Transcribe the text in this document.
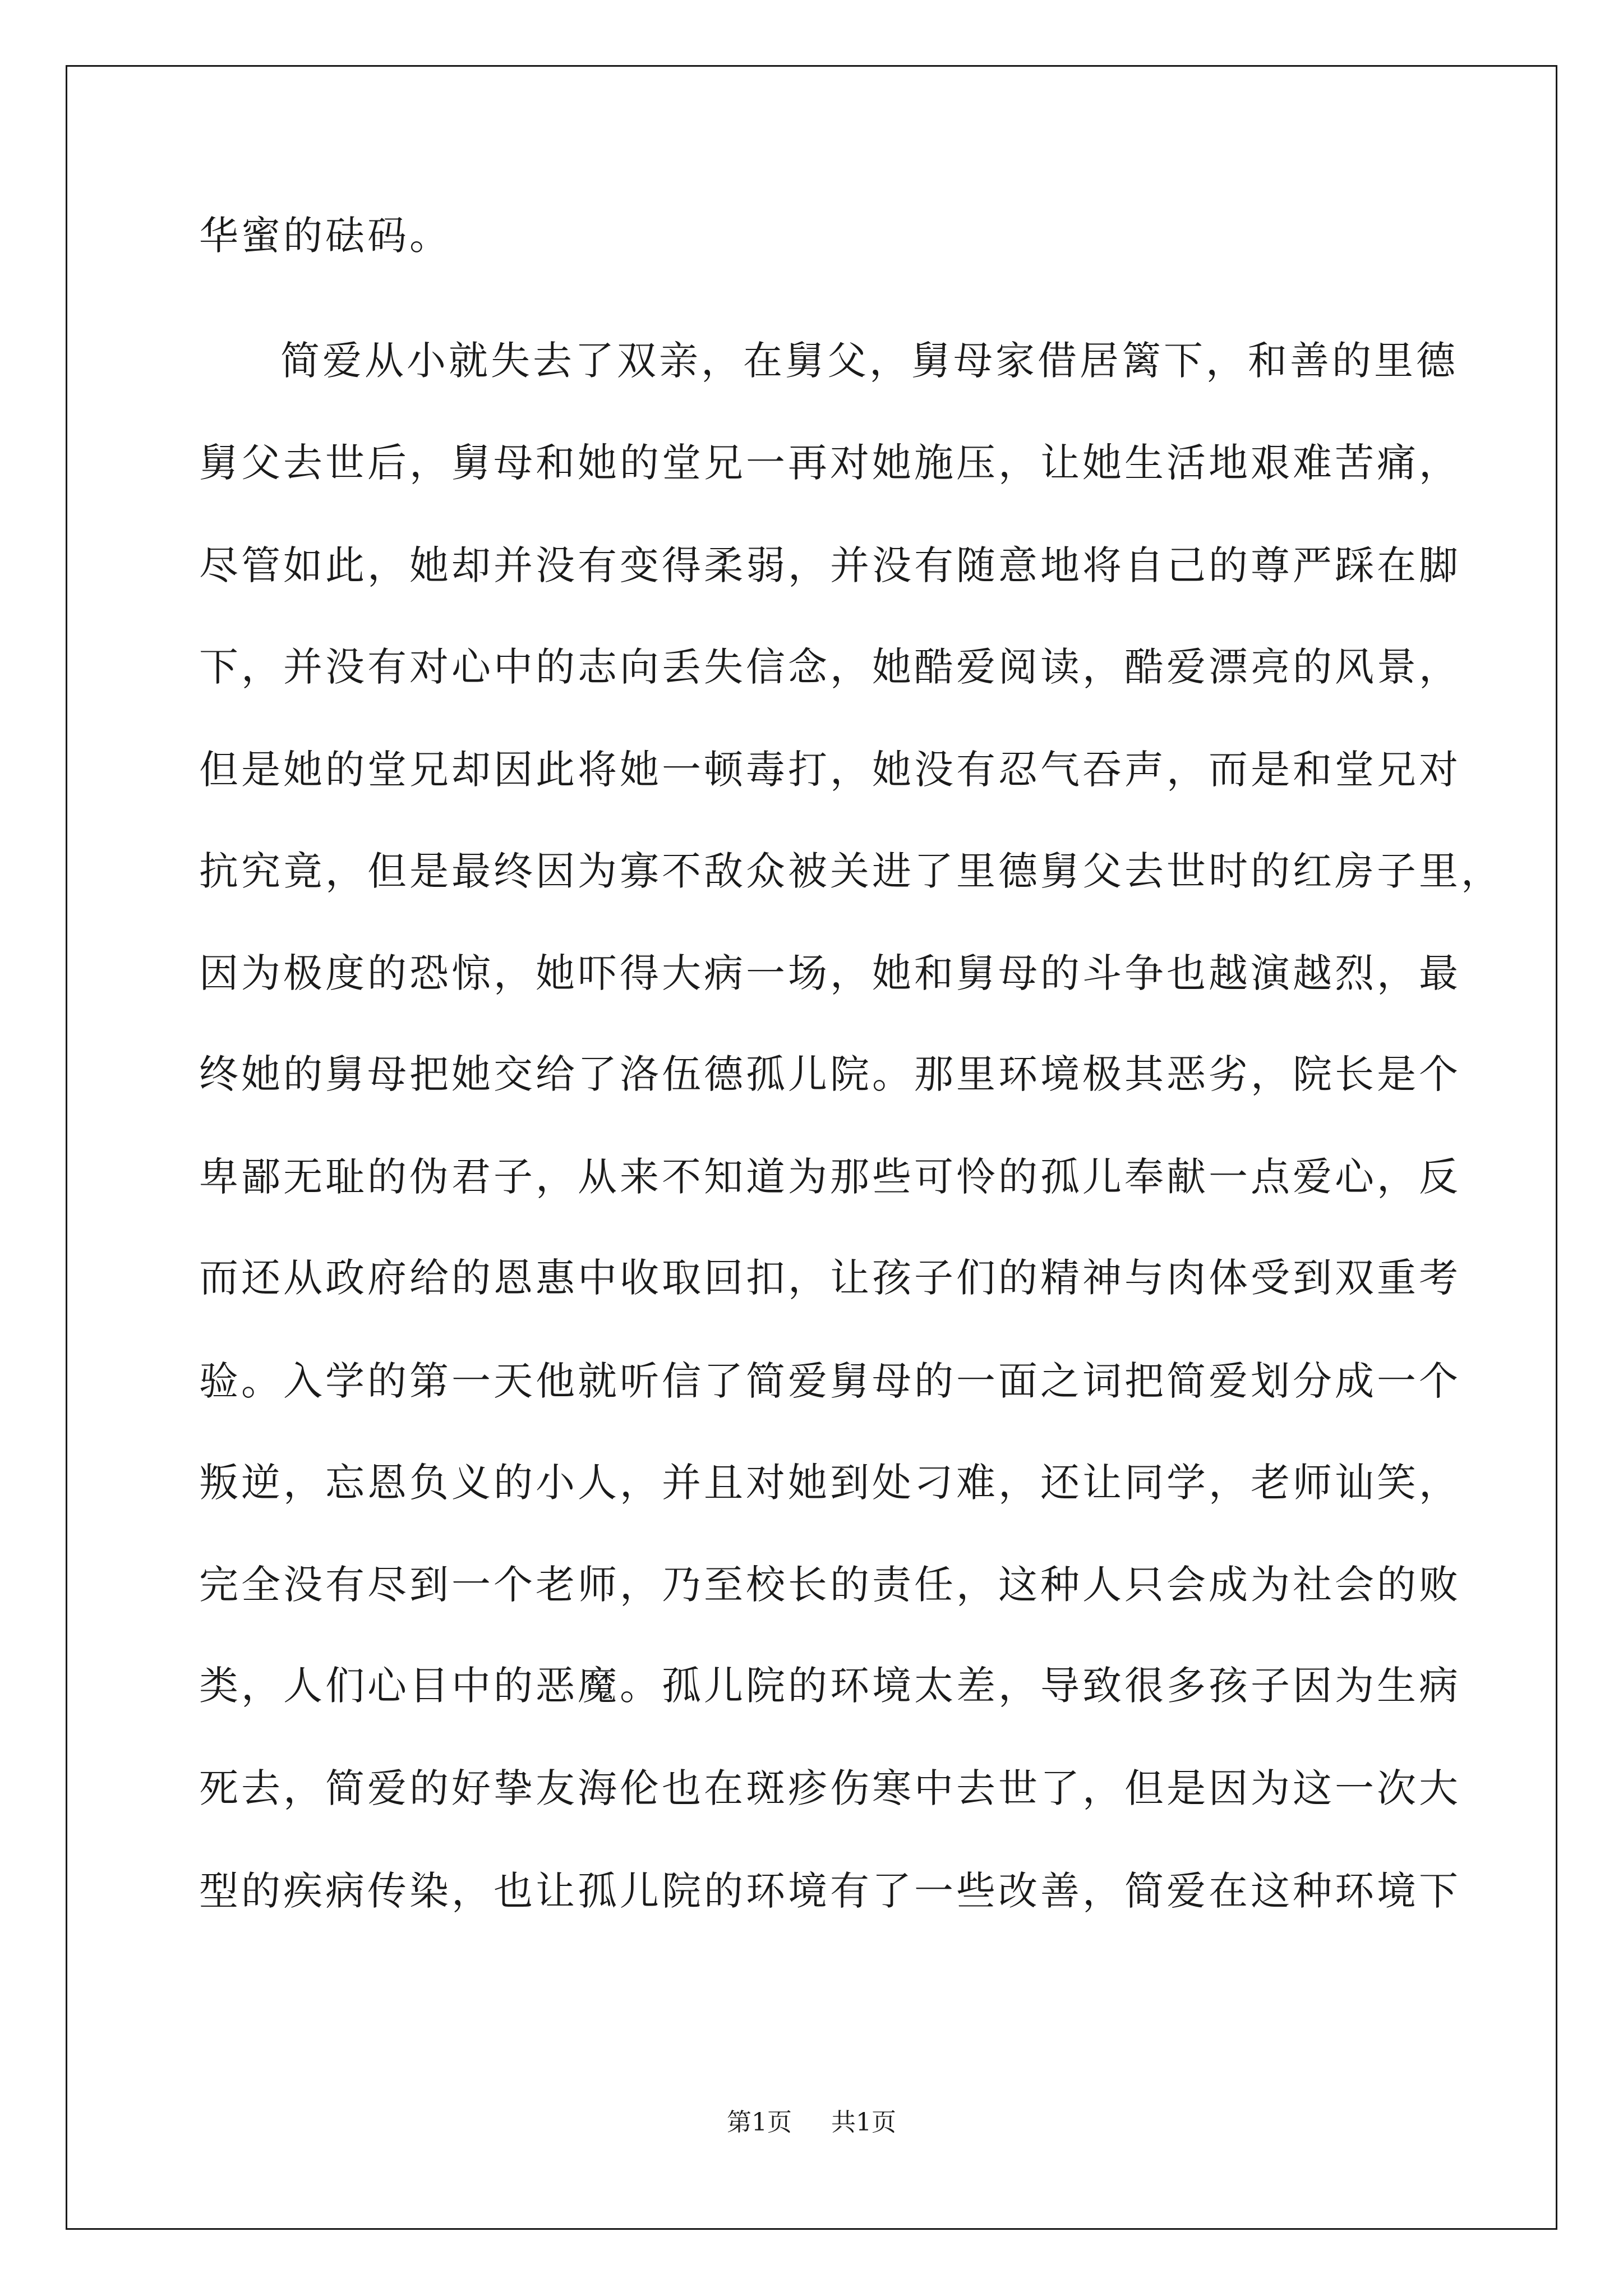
华蜜的砝码。
简爱从小就失去了双亲，在舅父，舅母家借居篱下，和善的里德
舅父去世后，舅母和她的堂兄一再对她施压，让她生活地艰难苦痛，
尽管如此，她却并没有变得柔弱，并没有随意地将自己的尊严踩在脚
下，并没有对心中的志向丢失信念，她酷爱阅读，酷爱漂亮的风景，
但是她的堂兄却因此将她一顿毒打，她没有忍气吞声，而是和堂兄对
抗究竟，但是最终因为寡不敌众被关进了里德舅父去世时的红房子里，
因为极度的恐惊，她吓得大病一场，她和舅母的斗争也越演越烈，最
终她的舅母把她交给了洛伍德孤儿院。那里环境极其恶劣，院长是个
卑鄙无耻的伪君子，从来不知道为那些可怜的孤儿奉献一点爱心，反
而还从政府给的恩惠中收取回扣，让孩子们的精神与肉体受到双重考
验。入学的第一天他就听信了简爱舅母的一面之词把简爱划分成一个
叛逆，忘恩负义的小人，并且对她到处刁难，还让同学，老师讪笑，
完全没有尽到一个老师，乃至校长的责任，这种人只会成为社会的败
类，人们心目中的恶魔。孤儿院的环境太差，导致很多孩子因为生病
死去，简爱的好挚友海伦也在斑疹伤寒中去世了，但是因为这一次大
型的疾病传染，也让孤儿院的环境有了一些改善，简爱在这种环境下
第1页 共1页
